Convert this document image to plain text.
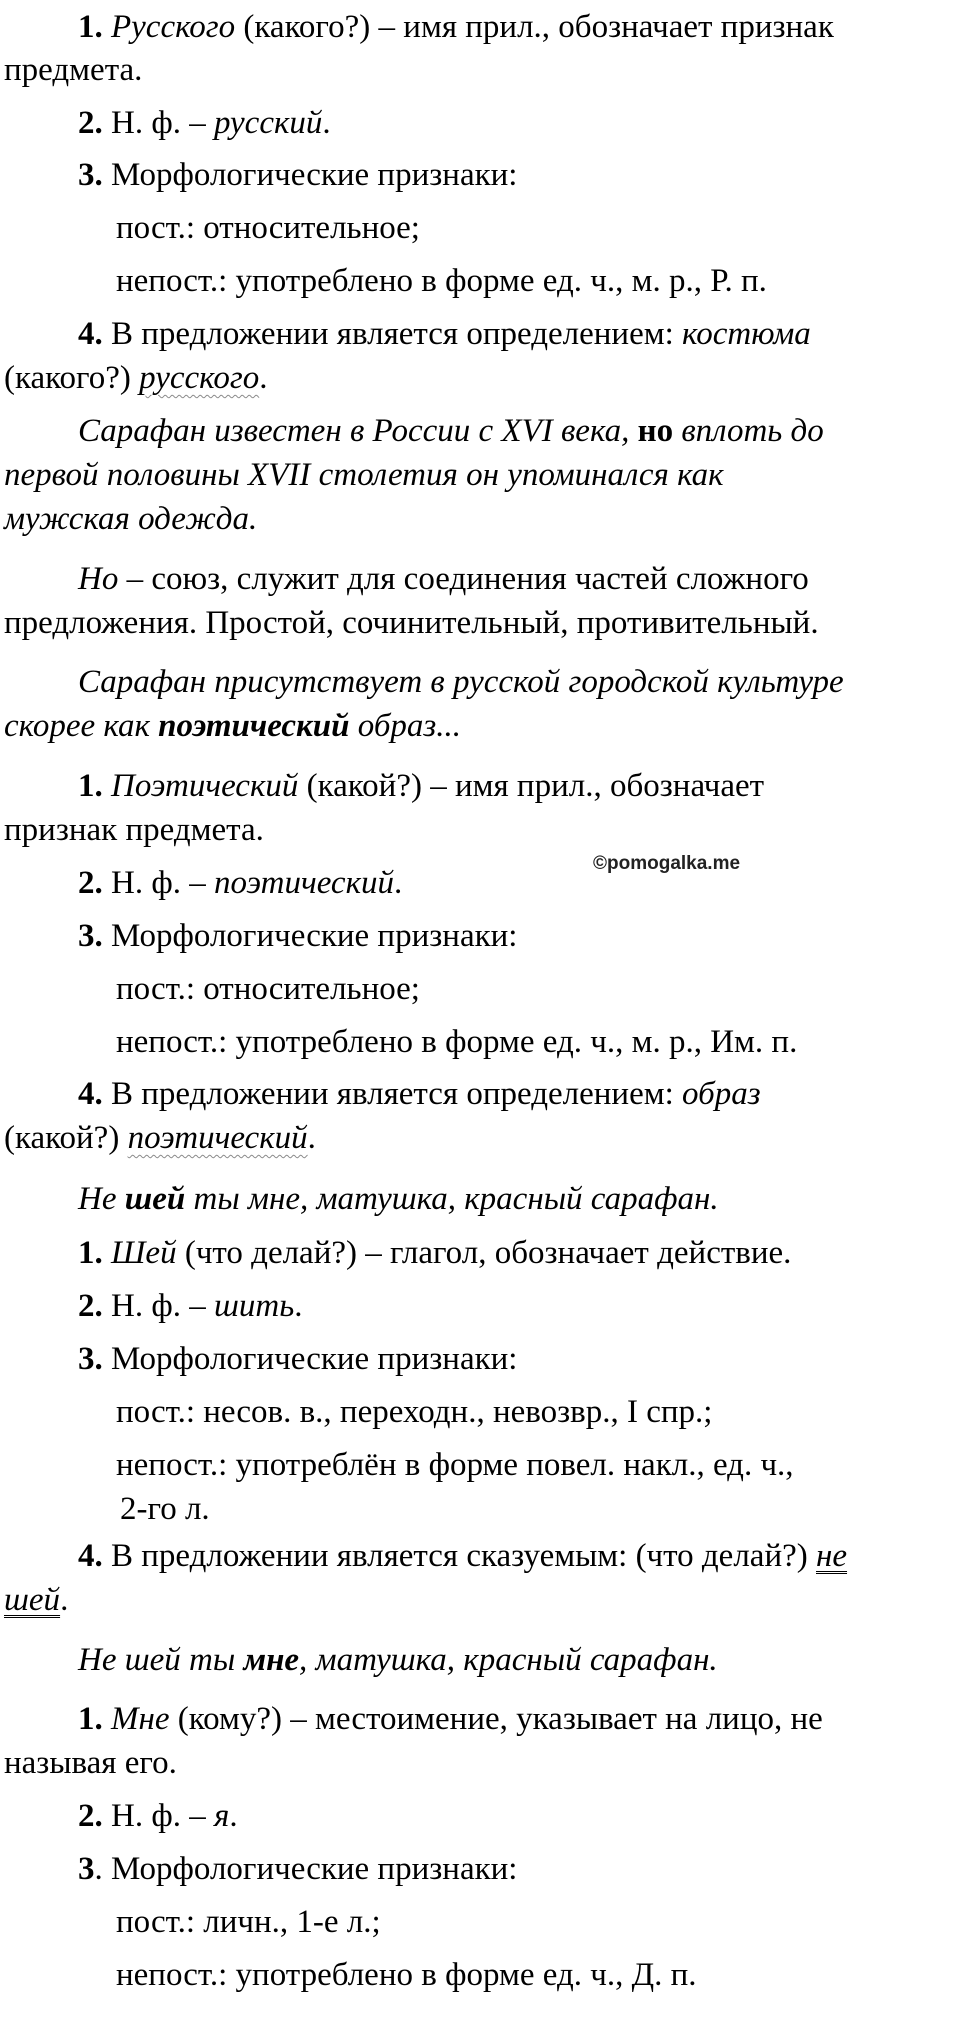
1. Русского (какого?) – имя прил., обозначает признак

предмета.

2. Н. ф. – русский.

3. Морфологические признаки:

пост.: относительное;

непост.: употреблено в форме ед. ч., м. р., Р. п.

4. В предложении является определением: костюма

(какого?) русского.

Сарафан известен в России с XVI века, но вплоть до

первой половины XVII столетия он упоминался как

мужская одежда.

Но – союз, служит для соединения частей сложного

предложения. Простой, сочинительный, противительный.

Сарафан присутствует в русской городской культуре

скорее как поэтический образ...

1. Поэтический (какой?) – имя прил., обозначает

признак предмета.

2. Н. ф. – поэтический.

3. Морфологические признаки:

пост.: относительное;

непост.: употреблено в форме ед. ч., м. р., Им. п.

4. В предложении является определением: образ

(какой?) поэтический.

Не шей ты мне, матушка, красный сарафан.

1. Шей (что делай?) – глагол, обозначает действие.

2. Н. ф. – шить.

3. Морфологические признаки:

пост.: несов. в., переходн., невозвр., I спр.;

непост.: употреблён в форме повел. накл., ед. ч.,

2-го л.

4. В предложении является сказуемым: (что делай?) не

шей.

Не шей ты мне, матушка, красный сарафан.

1. Мне (кому?) – местоимение, указывает на лицо, не

называя его.

2. Н. ф. – я.

3. Морфологические признаки:

пост.: личн., 1-е л.;

непост.: употреблено в форме ед. ч., Д. п.

©pomogalka.me
